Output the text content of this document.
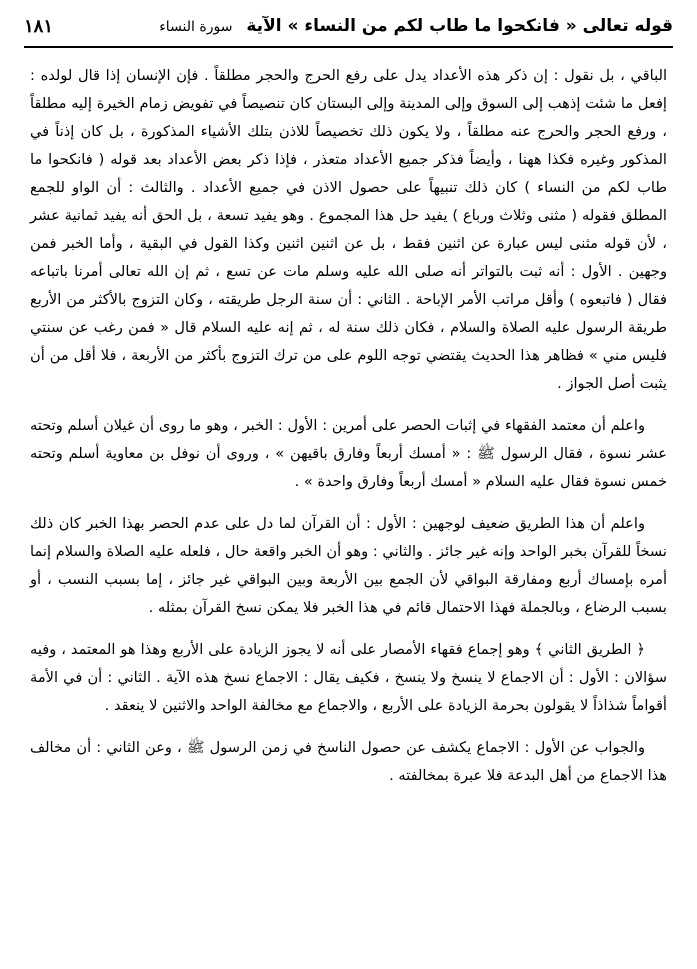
قوله تعالى « فانكحوا ما طاب لكم من النساء » الآية سورة النساء
١٨١

الباقي ، بل نقول : إن ذكر هذه الأعداد يدل على رفع الحرج والحجر مطلقاً . فإن الإنسان إذا قال لولده : إفعل ما شئت إذهب إلى السوق وإلى المدينة وإلى البستان كان تنصيصاً في تفويض زمام الخيرة إليه مطلقاً ، ورفع الحجر والحرج عنه مطلقاً ، ولا يكون ذلك تخصيصاً للاذن بتلك الأشياء المذكورة ، بل كان إذناً في المذكور وغيره فكذا ههنا ، وأيضاً فذكر جميع الأعداد متعذر ، فإذا ذكر بعض الأعداد بعد قوله ( فانكحوا ما طاب لكم من النساء ) كان ذلك تنبيهاً على حصول الاذن في جميع الأعداد . والثالث : أن الواو للجمع المطلق فقوله ( مثنى وثلاث ورباع ) يفيد حل هذا المجموع . وهو يفيد تسعة ، بل الحق أنه يفيد ثمانية عشر ، لأن قوله مثنى ليس عبارة عن اثنين فقط ، بل عن اثنين اثنين وكذا القول في البقية ، وأما الخبر فمن وجهين . الأول : أنه ثبت بالتواتر أنه صلى الله عليه وسلم مات عن تسع ، ثم إن الله تعالى أمرنا باتباعه فقال ( فاتبعوه ) وأقل مراتب الأمر الإباحة . الثاني : أن سنة الرجل طريقته ، وكان التزوج بالأكثر من الأربع طريقة الرسول عليه الصلاة والسلام ، فكان ذلك سنة له ، ثم إنه عليه السلام قال « فمن رغب عن سنتي فليس مني » فظاهر هذا الحديث يقتضي توجه اللوم على من ترك التزوج بأكثر من الأربعة ، فلا أقل من أن يثبت أصل الجواز .

واعلم أن معتمد الفقهاء في إثبات الحصر على أمرين : الأول : الخبر ، وهو ما روى أن غيلان أسلم وتحته عشر نسوة ، فقال الرسول ﷺ : « أمسك أربعاً وفارق باقيهن » ، وروى أن نوفل بن معاوية أسلم وتحته خمس نسوة فقال عليه السلام « أمسك أربعاً وفارق واحدة » .

واعلم أن هذا الطريق ضعيف لوجهين : الأول : أن القرآن لما دل على عدم الحصر بهذا الخبر كان ذلك نسخاً للقرآن بخبر الواحد وإنه غير جائز . والثاني : وهو أن الخبر واقعة حال ، فلعله عليه الصلاة والسلام إنما أمره بإمساك أربع ومفارقة البواقي لأن الجمع بين الأربعة وبين البواقي غير جائز ، إما بسبب النسب ، أو بسبب الرضاع ، وبالجملة فهذا الاحتمال قائم في هذا الخبر فلا يمكن نسخ القرآن بمثله .

﴿ الطريق الثاني ﴾ وهو إجماع فقهاء الأمصار على أنه لا يجوز الزيادة على الأربع وهذا هو المعتمد ، وفيه سؤالان : الأول : أن الاجماع لا ينسخ ولا ينسخ ، فكيف يقال : الاجماع نسخ هذه الآية . الثاني : أن في الأمة أقواماً شذاذاً لا يقولون بحرمة الزيادة على الأربع ، والاجماع مع مخالفة الواحد والاثنين لا ينعقد .

والجواب عن الأول : الاجماع يكشف عن حصول الناسخ في زمن الرسول ﷺ ، وعن الثاني : أن مخالف هذا الاجماع من أهل البدعة فلا عبرة بمخالفته .
